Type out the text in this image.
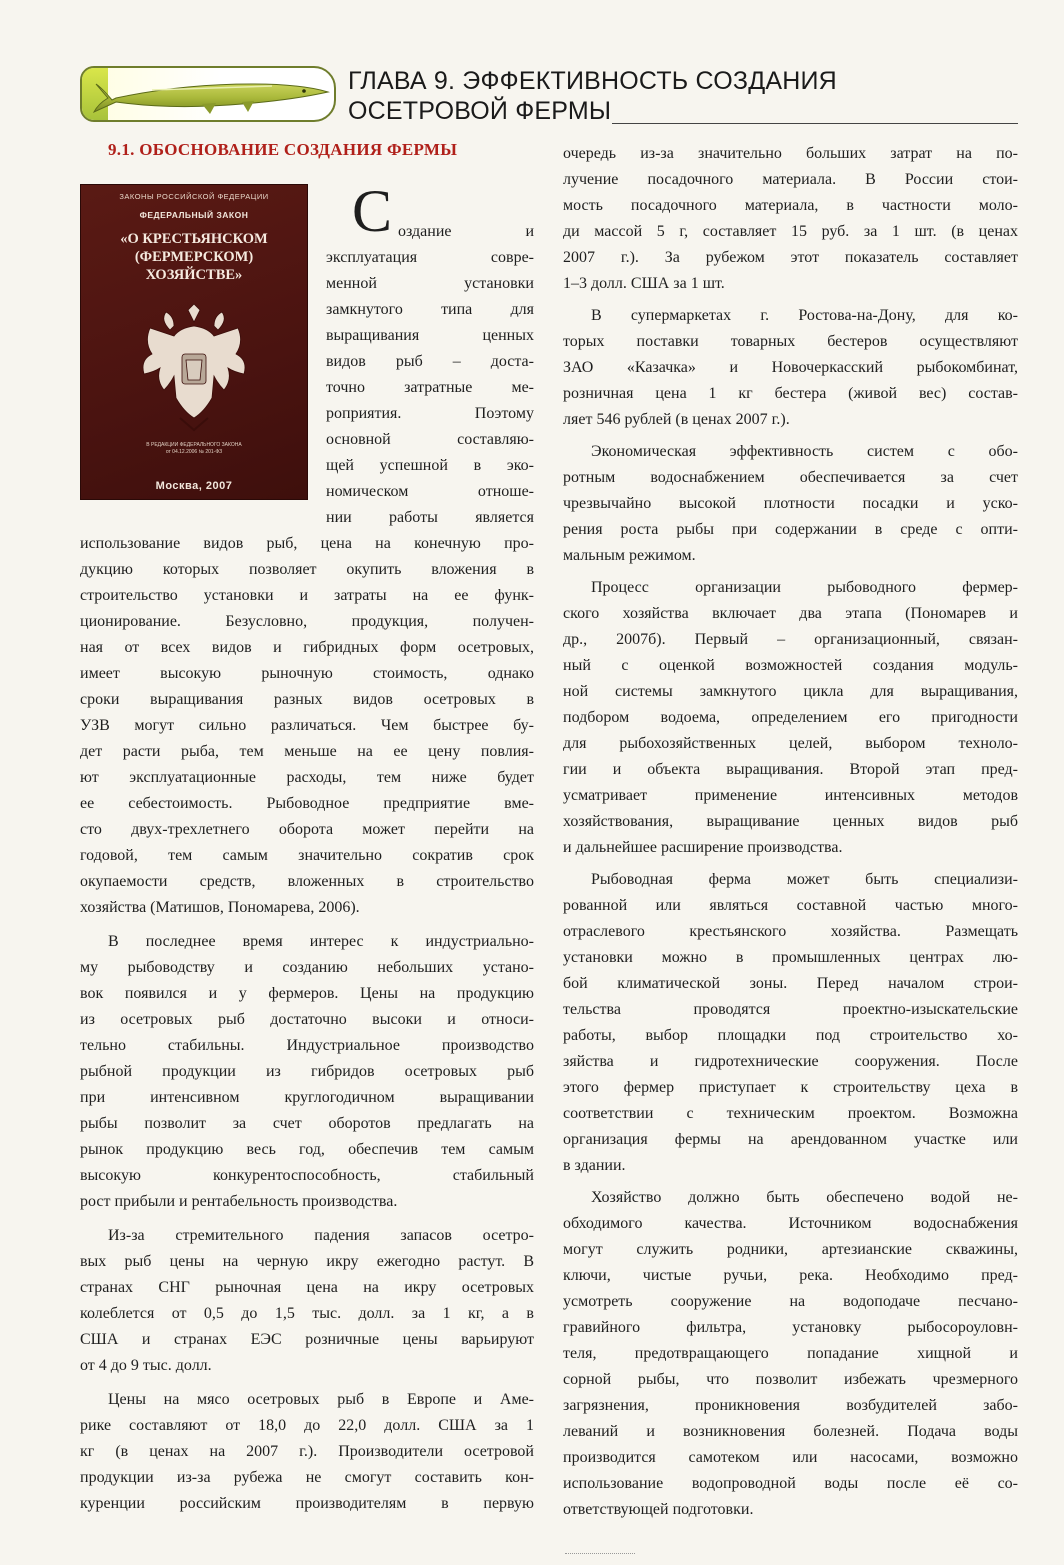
ГЛАВА 9. ЭФФЕКТИВНОСТЬ СОЗДАНИЯ
ОСЕТРОВОЙ ФЕРМЫ
9.1. ОБОСНОВАНИЕ СОЗДАНИЯ ФЕРМЫ
ЗАКОНЫ РОССИЙСКОЙ ФЕДЕРАЦИИ
ФЕДЕРАЛЬНЫЙ ЗАКОН
«О КРЕСТЬЯНСКОМ
(ФЕРМЕРСКОМ)
ХОЗЯЙСТВЕ»
В РЕДАКЦИИ ФЕДЕРАЛЬНОГО ЗАКОНА
от 04.12.2006 № 201-ФЗ
Москва, 2007
С оздание и
эксплуатация совре-
менной установки
замкнутого типа для
выращивания ценных
видов рыб – доста-
точно затратные ме-
роприятия. Поэтому
основной составляю-
щей успешной в эко-
номическом отноше-
нии работы является
использование видов рыб, цена на конечную про-
дукцию которых позволяет окупить вложения в
строительство установки и затраты на ее функ-
ционирование. Безусловно, продукция, получен-
ная от всех видов и гибридных форм осетровых,
имеет высокую рыночную стоимость, однако
сроки выращивания разных видов осетровых в
УЗВ могут сильно различаться. Чем быстрее бу-
дет расти рыба, тем меньше на ее цену повлия-
ют эксплуатационные расходы, тем ниже будет
ее себестоимость. Рыбоводное предприятие вме-
сто двух-трехлетнего оборота может перейти на
годовой, тем самым значительно сократив срок
окупаемости средств, вложенных в строительство
хозяйства (Матишов, Пономарева, 2006).
В последнее время интерес к индустриально-
му рыбоводству и созданию небольших устано-
вок появился и у фермеров. Цены на продукцию
из осетровых рыб достаточно высоки и относи-
тельно стабильны. Индустриальное производство
рыбной продукции из гибридов осетровых рыб
при интенсивном круглогодичном выращивании
рыбы позволит за счет оборотов предлагать на
рынок продукцию весь год, обеспечив тем самым
высокую конкурентоспособность, стабильный
рост прибыли и рентабельность производства.
Из-за стремительного падения запасов осетро-
вых рыб цены на черную икру ежегодно растут. В
странах СНГ рыночная цена на икру осетровых
колеблется от 0,5 до 1,5 тыс. долл. за 1 кг, а в
США и странах ЕЭС розничные цены варьируют
от 4 до 9 тыс. долл.
Цены на мясо осетровых рыб в Европе и Аме-
рике составляют от 18,0 до 22,0 долл. США за 1
кг (в ценах на 2007 г.). Производители осетровой
продукции из-за рубежа не смогут составить кон-
куренции российским производителям в первую
очередь из-за значительно больших затрат на по-
лучение посадочного материала. В России стои-
мость посадочного материала, в частности моло-
ди массой 5 г, составляет 15 руб. за 1 шт. (в ценах
2007 г.). За рубежом этот показатель составляет
1–3 долл. США за 1 шт.
В супермаркетах г. Ростова-на-Дону, для ко-
торых поставки товарных бестеров осуществляют
ЗАО «Казачка» и Новочеркасский рыбокомбинат,
розничная цена 1 кг бестера (живой вес) состав-
ляет 546 рублей (в ценах 2007 г.).
Экономическая эффективность систем с обо-
ротным водоснабжением обеспечивается за счет
чрезвычайно высокой плотности посадки и уско-
рения роста рыбы при содержании в среде с опти-
мальным режимом.
Процесс организации рыбоводного фермер-
ского хозяйства включает два этапа (Пономарев и
др., 2007б). Первый – организационный, связан-
ный с оценкой возможностей создания модуль-
ной системы замкнутого цикла для выращивания,
подбором водоема, определением его пригодности
для рыбохозяйственных целей, выбором техноло-
гии и объекта выращивания. Второй этап пред-
усматривает применение интенсивных методов
хозяйствования, выращивание ценных видов рыб
и дальнейшее расширение производства.
Рыбоводная ферма может быть специализи-
рованной или являться составной частью много-
отраслевого крестьянского хозяйства. Размещать
установки можно в промышленных центрах лю-
бой климатической зоны. Перед началом строи-
тельства проводятся проектно-изыскательские
работы, выбор площадки под строительство хо-
зяйства и гидротехнические сооружения. После
этого фермер приступает к строительству цеха в
соответствии с техническим проектом. Возможна
организация фермы на арендованном участке или
в здании.
Хозяйство должно быть обеспечено водой не-
обходимого качества. Источником водоснабжения
могут служить родники, артезианские скважины,
ключи, чистые ручьи, река. Необходимо пред-
усмотреть сооружение на водоподаче песчано-
гравийного фильтра, установку рыбосороуловн-
теля, предотвращающего попадание хищной и
сорной рыбы, что позволит избежать чрезмерного
загрязнения, проникновения возбудителей забо-
леваний и возникновения болезней. Подача воды
производится самотеком или насосами, возможно
использование водопроводной воды после её со-
ответствующей подготовки.
